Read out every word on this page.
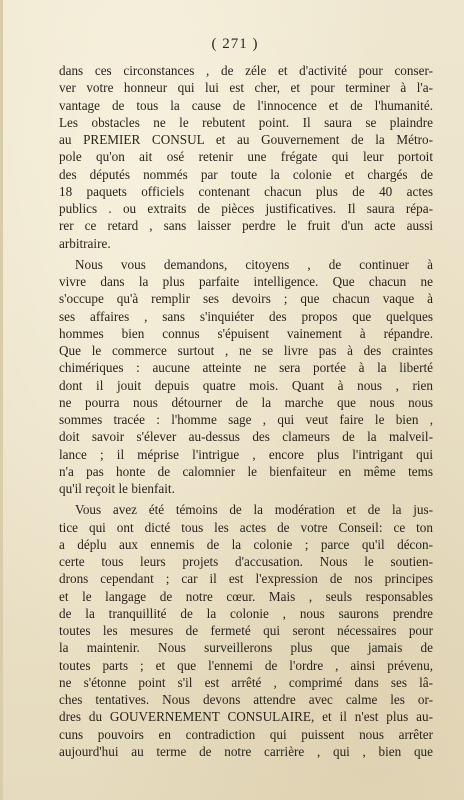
( 271 )
dans ces circonstances , de zéle et d'activité pour conser-
ver votre honneur qui lui est cher, et pour terminer à l'a-
vantage de tous la cause de l'innocence et de l'humanité.
Les obstacles ne le rebutent point. Il saura se plaindre
au PREMIER CONSUL et au Gouvernement de la Métro-
pole qu'on ait osé retenir une frégate qui leur portoit
des députés nommés par toute la colonie et chargés de
18 paquets officiels contenant chacun plus de 40 actes
publics . ou extraits de pièces justificatives. Il saura répa-
rer ce retard , sans laisser perdre le fruit d'un acte aussi
arbitraire.
Nous vous demandons, citoyens , de continuer à
vivre dans la plus parfaite intelligence. Que chacun ne
s'occupe qu'à remplir ses devoirs ; que chacun vaque à
ses affaires , sans s'inquiéter des propos que quelques
hommes bien connus s'épuisent vainement à répandre.
Que le commerce surtout , ne se livre pas à des craintes
chimériques : aucune atteinte ne sera portée à la liberté
dont il jouit depuis quatre mois. Quant à nous , rien
ne pourra nous détourner de la marche que nous nous
sommes tracée : l'homme sage , qui veut faire le bien ,
doit savoir s'élever au-dessus des clameurs de la malveil-
lance ; il méprise l'intrigue , encore plus l'intrigant qui
n'a pas honte de calomnier le bienfaiteur en même tems
qu'il reçoit le bienfait.
Vous avez été témoins de la modération et de la jus-
tice qui ont dicté tous les actes de votre Conseil: ce ton
a déplu aux ennemis de la colonie ; parce qu'il décon-
certe tous leurs projets d'accusation. Nous le soutien-
drons cependant ; car il est l'expression de nos principes
et le langage de notre cœur. Mais , seuls responsables
de la tranquillité de la colonie , nous saurons prendre
toutes les mesures de fermeté qui seront nécessaires pour
la maintenir. Nous surveillerons plus que jamais de
toutes parts ; et que l'ennemi de l'ordre , ainsi prévenu,
ne s'étonne point s'il est arrêté , comprimé dans ses lâ-
ches tentatives. Nous devons attendre avec calme les or-
dres du GOUVERNEMENT CONSULAIRE, et il n'est plus au-
cuns pouvoirs en contradiction qui puissent nous arrêter
aujourd'hui au terme de notre carrière , qui , bien que
